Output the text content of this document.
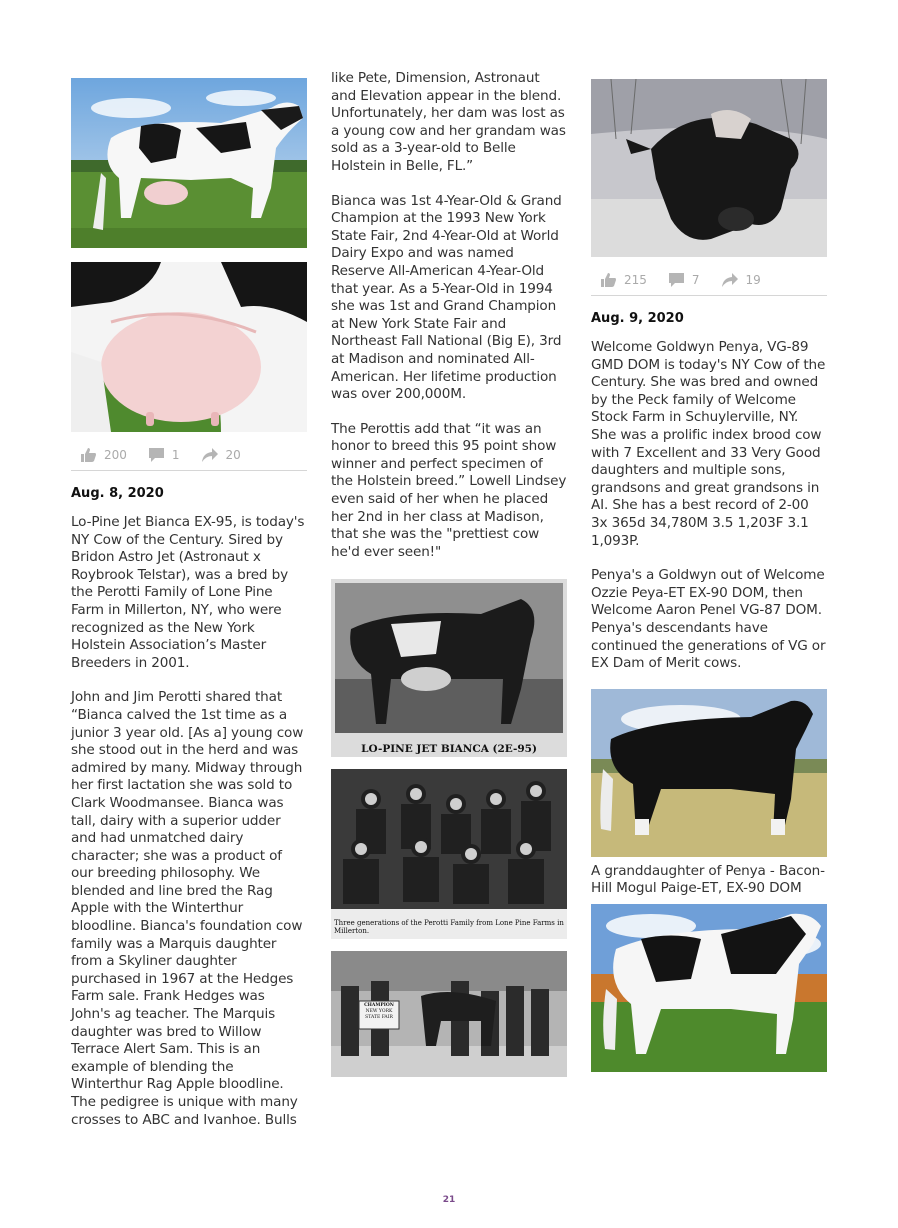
200	1	20

Aug. 8, 2020

Lo-Pine Jet Bianca EX-95, is today's NY Cow of the Century. Sired by Bridon Astro Jet (Astronaut x Roybrook Telstar), was a bred by the Perotti Family of Lone Pine Farm in Millerton, NY, who were recognized as the New York Holstein Association’s Master Breeders in 2001.

John and Jim Perotti shared that “Bianca calved the 1st time as a junior 3 year old. [As a] young cow she stood out in the herd and was admired by many. Midway through her first lactation she was sold to Clark Woodmansee. Bianca was tall, dairy with a superior udder and had unmatched dairy character; she was a product of our breeding philosophy. We blended and line bred the Rag Apple with the Winterthur bloodline. Bianca's foundation cow family was a Marquis daughter from a Skyliner daughter purchased in 1967 at the Hedges Farm sale. Frank Hedges was John's ag teacher. The Marquis daughter was bred to Willow Terrace Alert Sam. This is an example of blending the Winterthur Rag Apple bloodline. The pedigree is unique with many crosses to ABC and Ivanhoe. Bulls

like Pete, Dimension, Astronaut and Elevation appear in the blend. Unfortunately, her dam was lost as a young cow and her grandam was sold as a 3-year-old to Belle Holstein in Belle, FL.”

Bianca was 1st 4-Year-Old & Grand Champion at the 1993 New York State Fair, 2nd 4-Year-Old at World Dairy Expo and was named Reserve All-American 4-Year-Old that year. As a 5-Year-Old in 1994 she was 1st and Grand Champion at New York State Fair and Northeast Fall National (Big E), 3rd at Madison and nominated All-American. Her lifetime production was over 200,000M.

The Perottis add that “it was an honor to breed this 95 point show winner and perfect specimen of the Holstein breed.” Lowell Lindsey even said of her when he placed her 2nd in her class at Madison, that she was the "prettiest cow he'd ever seen!"

LO-PINE JET BIANCA (2E-95)
Three generations of the Perotti Family from Lone Pine Farms in Millerton.
CHAMPION
NEW YORK STATE FAIR
215	7	19

Aug. 9, 2020

Welcome Goldwyn Penya, VG-89 GMD DOM is today's NY Cow of the Century. She was bred and owned by the Peck family of Welcome Stock Farm in Schuylerville, NY. She was a prolific index brood cow with 7 Excellent and 33 Very Good daughters and multiple sons, grandsons and great grandsons in AI. She has a best record of 2-00 3x 365d 34,780M 3.5 1,203F 3.1 1,093P.

Penya's a Goldwyn out of Welcome Ozzie Peya-ET EX-90 DOM, then Welcome Aaron Penel VG-87 DOM. Penya's descendants have continued the generations of VG or EX Dam of Merit cows.

A granddaughter of Penya - Bacon-Hill Mogul Paige-ET, EX-90 DOM

21
